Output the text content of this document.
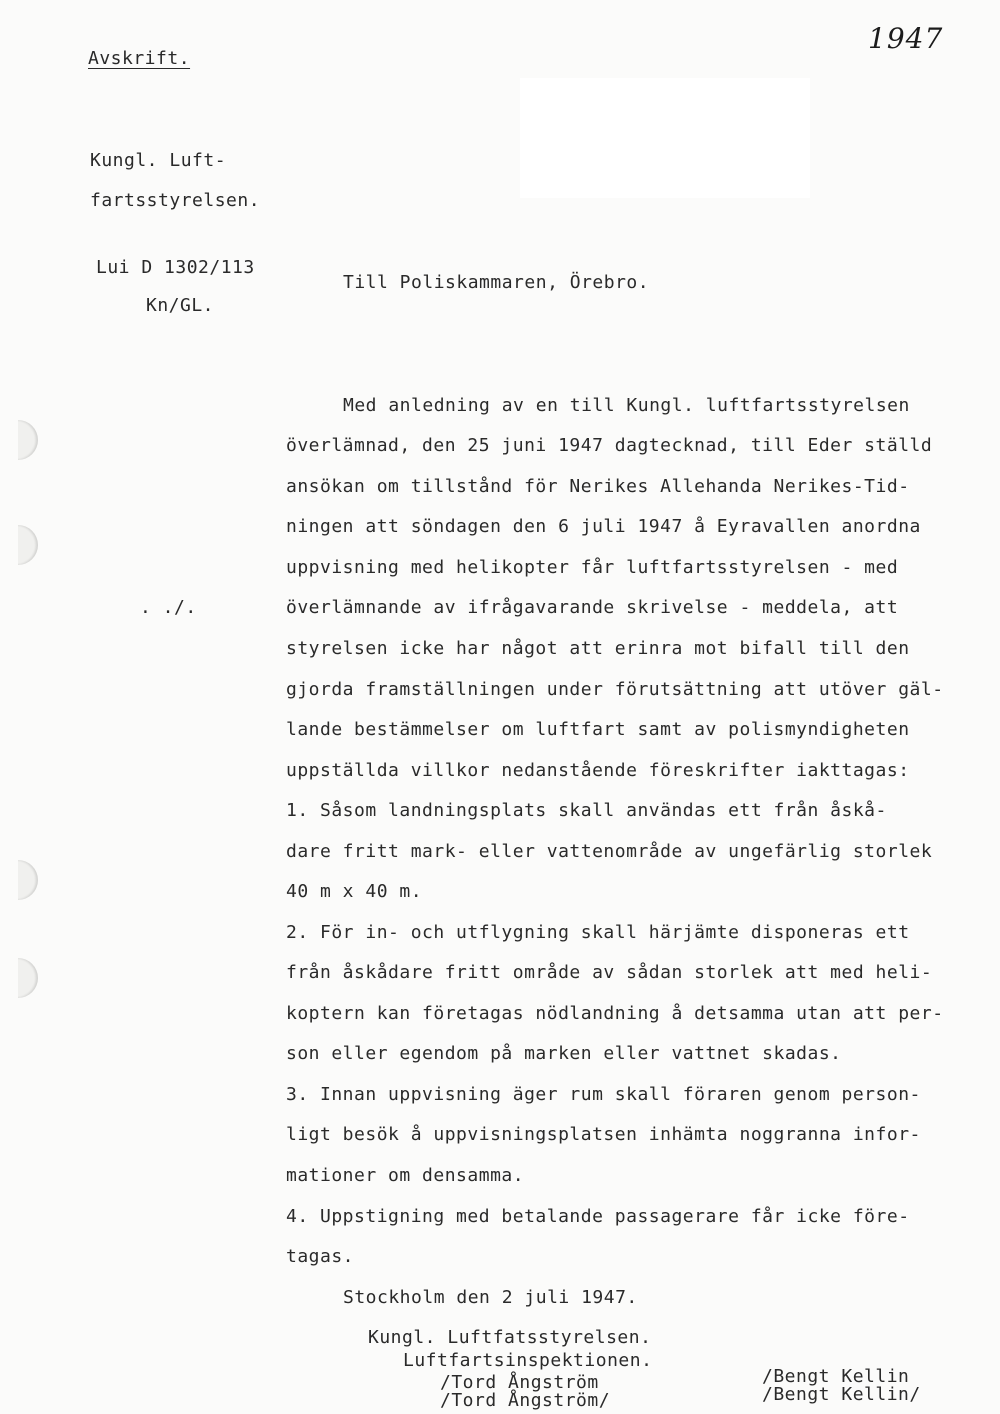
Avskrift.
1947
Kungl. Luft-
fartsstyrelsen.
Lui D 1302/113
Kn/GL.
Till Poliskammaren, Örebro.
. ./.
Med anledning av en till Kungl. luftfartsstyrelsen
överlämnad, den 25 juni 1947 dagtecknad, till Eder ställd
ansökan om tillstånd för Nerikes Allehanda Nerikes-Tid-
ningen att söndagen den 6 juli 1947 å Eyravallen anordna
uppvisning med helikopter får luftfartsstyrelsen - med
överlämnande av ifrågavarande skrivelse - meddela, att
styrelsen icke har något att erinra mot bifall till den
gjorda framställningen under förutsättning att utöver gäl-
lande bestämmelser om luftfart samt av polismyndigheten
uppställda villkor nedanstående föreskrifter iakttagas:
1. Såsom landningsplats skall användas ett från åskå-
dare fritt mark- eller vattenområde av ungefärlig storlek
40 m x 40 m.
2. För in- och utflygning skall härjämte disponeras ett
från åskådare fritt område av sådan storlek att med heli-
koptern kan företagas nödlandning å detsamma utan att per-
son eller egendom på marken eller vattnet skadas.
3. Innan uppvisning äger rum skall föraren genom person-
ligt besök å uppvisningsplatsen inhämta noggranna infor-
mationer om densamma.
4. Uppstigning med betalande passagerare får icke före-
tagas.
Stockholm den 2 juli 1947.
Kungl. Luftfatsstyrelsen.
Luftfartsinspektionen.
/Tord Ångström
/Tord Ångström/
/Bengt Kellin
/Bengt Kellin/
